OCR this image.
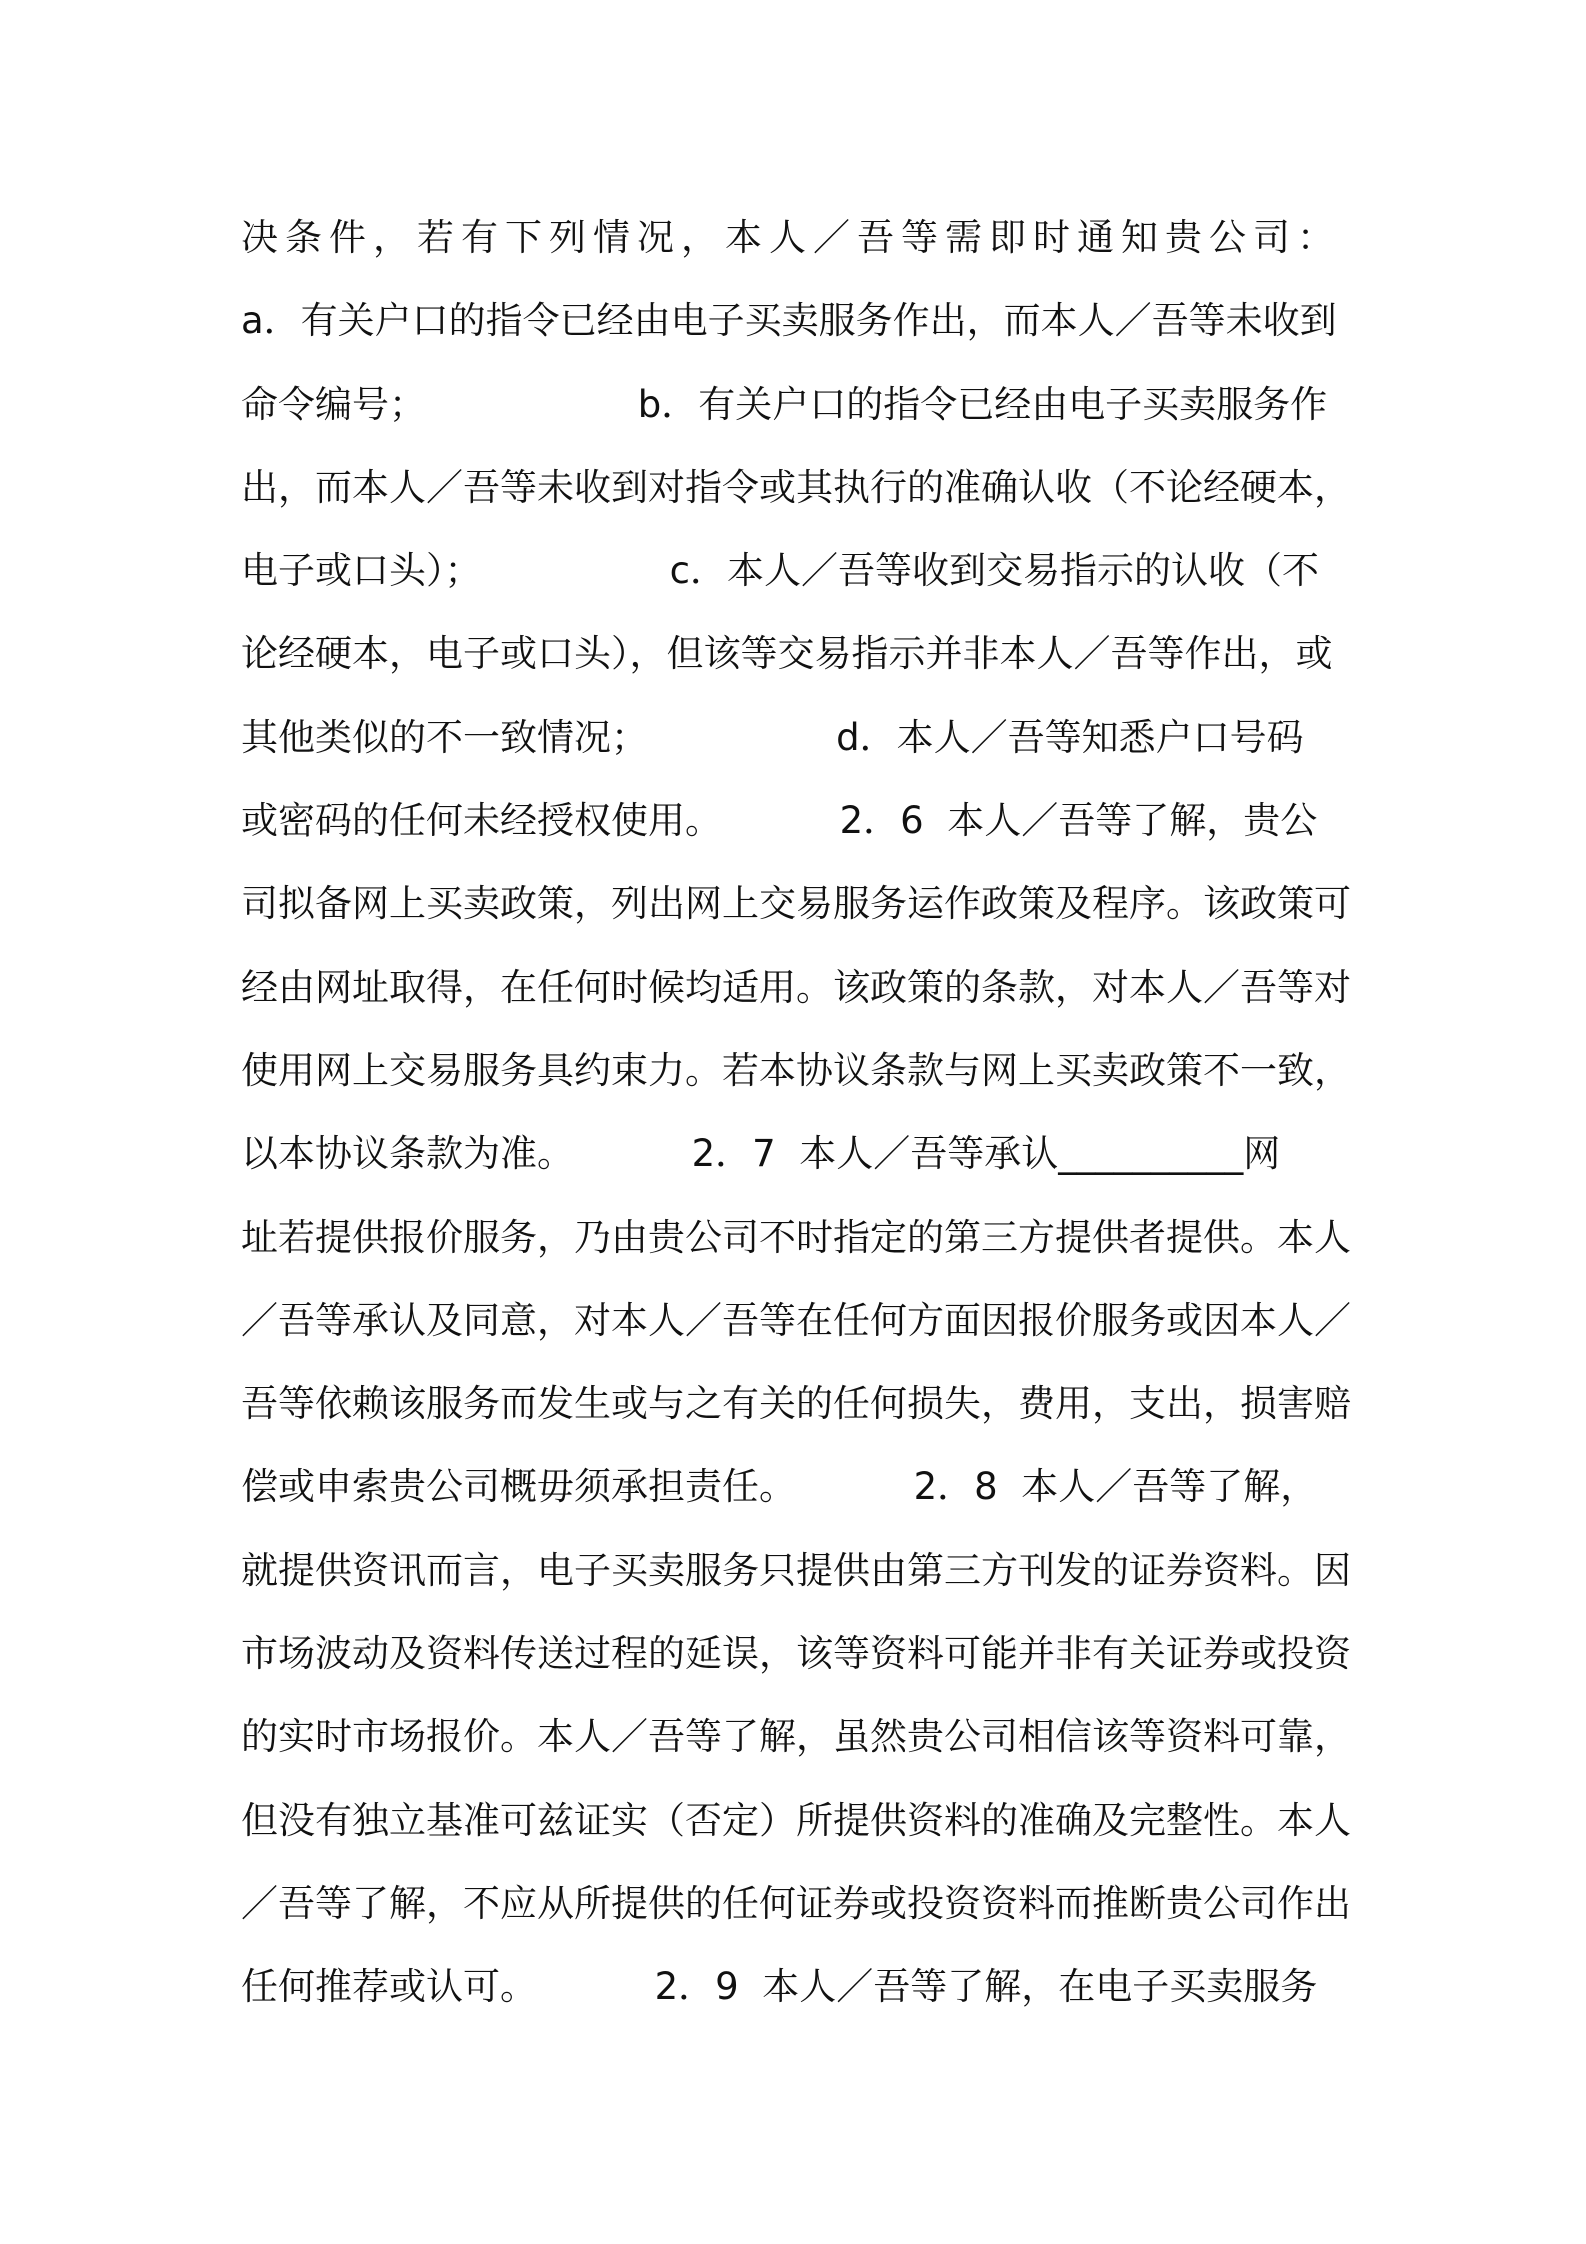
决条件，若有下列情况，本人／吾等需即时通知贵公司：
a．有关户口的指令已经由电子买卖服务作出，而本人／吾等未收到
命令编号；                  b．有关户口的指令已经由电子买卖服务作
出，而本人／吾等未收到对指令或其执行的准确认收（不论经硬本，
电子或口头）；                c．本人／吾等收到交易指示的认收（不
论经硬本，电子或口头），但该等交易指示并非本人／吾等作出，或
其他类似的不一致情况；                d．本人／吾等知悉户口号码
或密码的任何未经授权使用。          2．6  本人／吾等了解，贵公
司拟备网上买卖政策，列出网上交易服务运作政策及程序。该政策可
经由网址取得，在任何时候均适用。该政策的条款，对本人／吾等对
使用网上交易服务具约束力。若本协议条款与网上买卖政策不一致，
以本协议条款为准。          2．7  本人／吾等承认__________网
址若提供报价服务，乃由贵公司不时指定的第三方提供者提供。本人
／吾等承认及同意，对本人／吾等在任何方面因报价服务或因本人／
吾等依赖该服务而发生或与之有关的任何损失，费用，支出，损害赔
偿或申索贵公司概毋须承担责任。          2．8  本人／吾等了解，
就提供资讯而言，电子买卖服务只提供由第三方刊发的证券资料。因
市场波动及资料传送过程的延误，该等资料可能并非有关证券或投资
的实时市场报价。本人／吾等了解，虽然贵公司相信该等资料可靠，
但没有独立基准可兹证实（否定）所提供资料的准确及完整性。本人
／吾等了解，不应从所提供的任何证券或投资资料而推断贵公司作出
任何推荐或认可。          2．9  本人／吾等了解，在电子买卖服务
